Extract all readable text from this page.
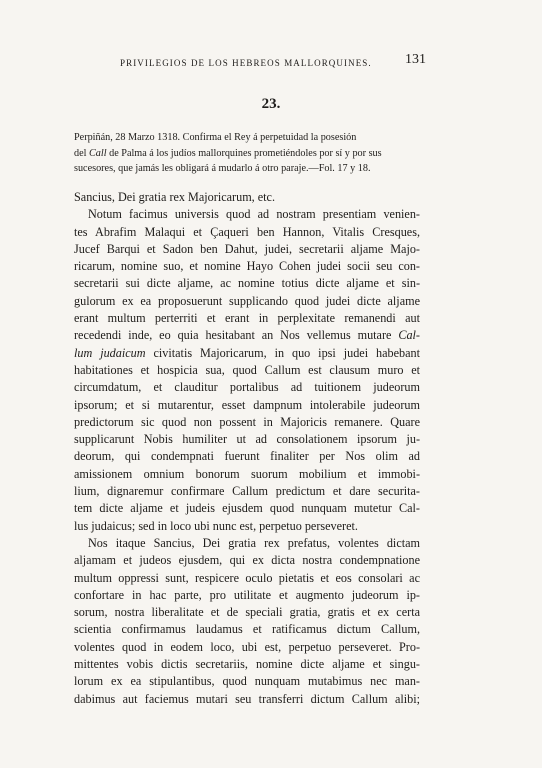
PRIVILEGIOS DE LOS HEBREOS MALLORQUINES.	131
23.
Perpiñán, 28 Marzo 1318. Confirma el Rey á perpetuidad la posesión
del Call de Palma á los judíos mallorquines prometiéndoles por sí y por sus
sucesores, que jamás les obligará á mudarlo á otro paraje.—Fol. 17 y 18.
Sancius, Dei gratia rex Majoricarum, etc.
Notum facimus universis quod ad nostram presentiam venien-
tes Abrafim Malaqui et Çaqueri ben Hannon, Vitalis Cresques,
Jucef Barqui et Sadon ben Dahut, judei, secretarii aljame Majo-
ricarum, nomine suo, et nomine Hayo Cohen judei socii seu con-
secretarii sui dicte aljame, ac nomine totius dicte aljame et sin-
gulorum ex ea proposuerunt supplicando quod judei dicte aljame
erant multum perterriti et erant in perplexitate remanendi aut
recedendi inde, eo quia hesitabant an Nos vellemus mutare Cal-
lum judaicum civitatis Majoricarum, in quo ipsi judei habebant
habitationes et hospicia sua, quod Callum est clausum muro et
circumdatum, et clauditur portalibus ad tuitionem judeorum
ipsorum; et si mutarentur, esset dampnum intolerabile judeorum
predictorum sic quod non possent in Majoricis remanere. Quare
supplicarunt Nobis humiliter ut ad consolationem ipsorum ju-
deorum, qui condempnati fuerunt finaliter per Nos olim ad
amissionem omnium bonorum suorum mobilium et immobi-
lium, dignaremur confirmare Callum predictum et dare securita-
tem dicte aljame et judeis ejusdem quod nunquam mutetur Cal-
lus judaicus; sed in loco ubi nunc est, perpetuo perseveret.
Nos itaque Sancius, Dei gratia rex prefatus, volentes dictam
aljamam et judeos ejusdem, qui ex dicta nostra condempnatione
multum oppressi sunt, respicere oculo pietatis et eos consolari ac
confortare in hac parte, pro utilitate et augmento judeorum ip-
sorum, nostra liberalitate et de speciali gratia, gratis et ex certa
scientia confirmamus laudamus et ratificamus dictum Callum,
volentes quod in eodem loco, ubi est, perpetuo perseveret. Pro-
mittentes vobis dictis secretariis, nomine dicte aljame et singu-
lorum ex ea stipulantibus, quod nunquam mutabimus nec man-
dabimus aut faciemus mutari seu transferri dictum Callum alibi;
